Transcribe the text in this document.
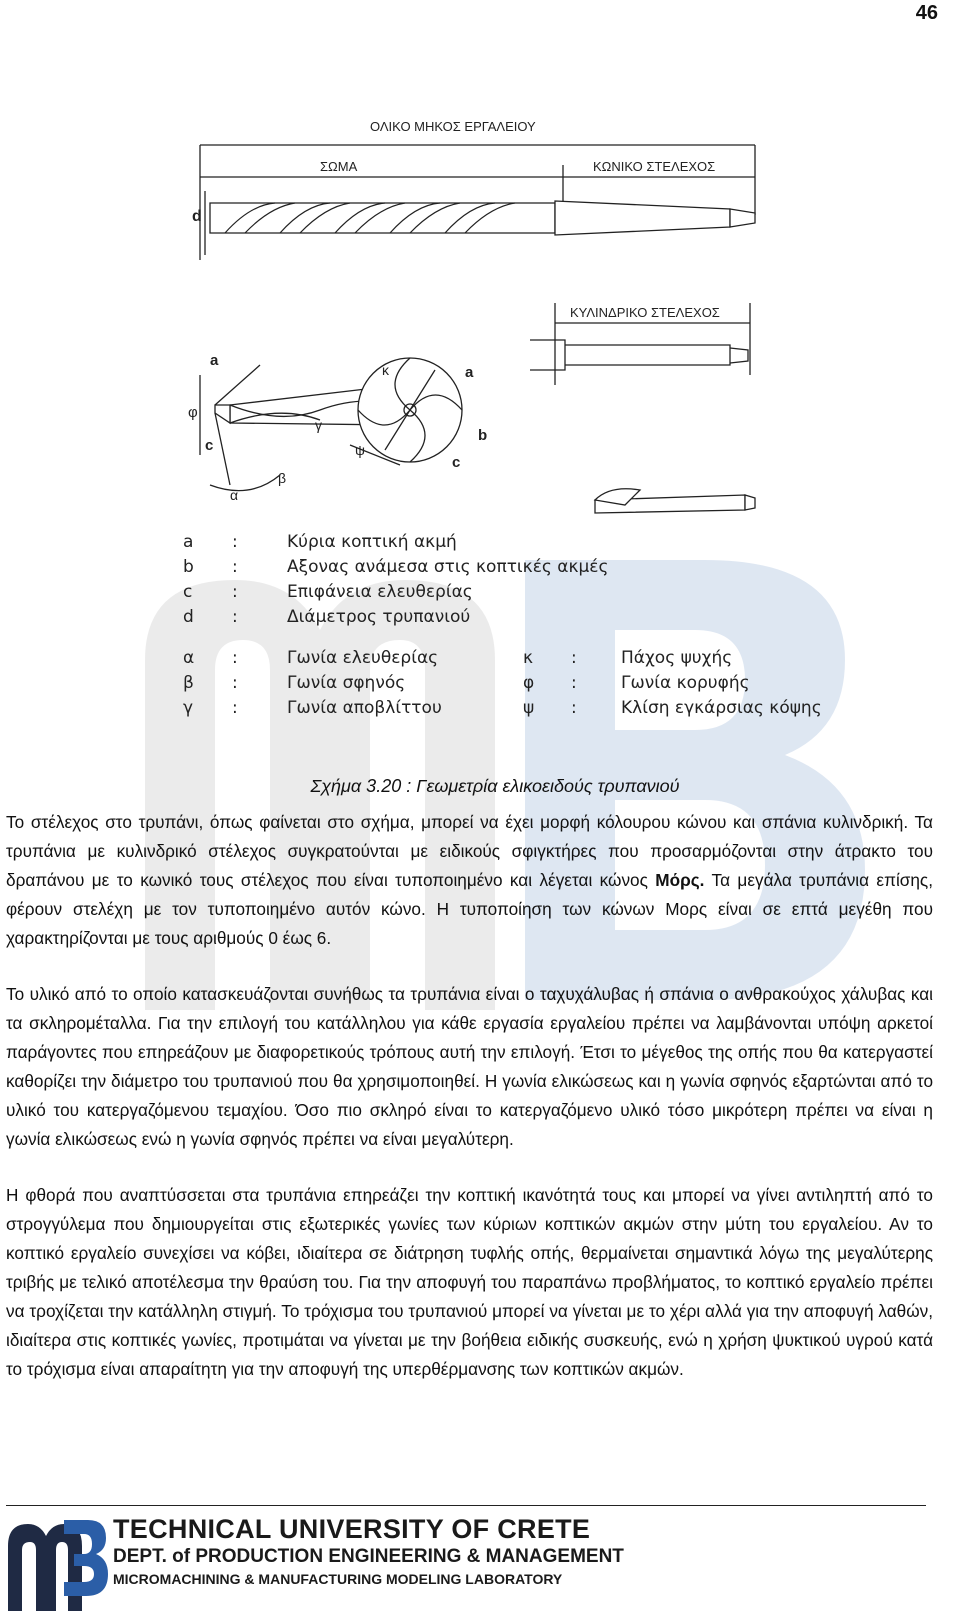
46
ΟΛΙΚΟ ΜΗΚΟΣ ΕΡΓΑΛΕΙΟΥ
ΣΩΜΑ	ΚΩΝΙΚΟ ΣΤΕΛΕΧΟΣ
d
ΚΥΛΙΝΔΡΙΚΟ ΣΤΕΛΕΧΟΣ
a
φ
c
γ
α
β
κ	a
b
c
ψ
a :	Κύρια κοπτική ακμή
b :	Αξονας ανάμεσα στις κοπτικές ακμές
c :	Επιφάνεια ελευθερίας
d :	Διάμετρος τρυπανιού
α :	Γωνία ελευθερίας	κ :	Πάχος ψυχής
β :	Γωνία σφηνός	φ :	Γωνία κορυφής
γ :	Γωνία αποβλίττου	ψ :	Κλίση εγκάρσιας κόψης
Σχήμα 3.20 : Γεωμετρία ελικοειδούς τρυπανιού

Το στέλεχος στο τρυπάνι, όπως φαίνεται στο σχήμα, μπορεί να έχει μορφή κόλουρου κώνου και σπάνια κυλινδρική. Τα τρυπάνια με κυλινδρικό στέλεχος συγκρατούνται με ειδικούς σφιγκτήρες που προσαρμόζονται στην άτρακτο του δραπάνου με το κωνικό τους στέλεχος που είναι τυποποιημένο και λέγεται κώνος Μόρς. Τα μεγάλα τρυπάνια επίσης, φέρουν στελέχη με τον τυποποιημένο αυτόν κώνο. Η τυποποίηση των κώνων Μορς είναι σε επτά μεγέθη που χαρακτηρίζονται με τους αριθμούς 0 έως 6.

Το υλικό από το οποίο κατασκευάζονται συνήθως τα τρυπάνια είναι ο ταχυχάλυβας ή σπάνια ο ανθρακούχος χάλυβας και τα σκληρομέταλλα. Για την επιλογή του κατάλληλου για κάθε εργασία εργαλείου πρέπει να λαμβάνονται υπόψη αρκετοί παράγοντες που επηρεάζουν με διαφορετικούς τρόπους αυτή την επιλογή. Έτσι το μέγεθος της οπής που θα κατεργαστεί καθορίζει την διάμετρο του τρυπανιού που θα χρησιμοποιηθεί. Η γωνία ελικώσεως και η γωνία σφηνός εξαρτώνται από το υλικό του κατεργαζόμενου τεμαχίου. Όσο πιο σκληρό είναι το κατεργαζόμενο υλικό τόσο μικρότερη πρέπει να είναι η γωνία ελικώσεως ενώ η γωνία σφηνός πρέπει να είναι μεγαλύτερη.

Η φθορά που αναπτύσσεται στα τρυπάνια επηρεάζει την κοπτική ικανότητά τους και μπορεί να γίνει αντιληπτή από το στρογγύλεμα που δημιουργείται στις εξωτερικές γωνίες των κύριων κοπτικών ακμών στην μύτη του εργαλείου. Αν το κοπτικό εργαλείο συνεχίσει να κόβει, ιδιαίτερα σε διάτρηση τυφλής οπής, θερμαίνεται σημαντικά λόγω της μεγαλύτερης τριβής με τελικό αποτέλεσμα την θραύση του. Για την αποφυγή του παραπάνω προβλήματος, το κοπτικό εργαλείο πρέπει να τροχίζεται την κατάλληλη στιγμή. Το τρόχισμα του τρυπανιού μπορεί να γίνεται με το χέρι αλλά για την αποφυγή λαθών, ιδιαίτερα στις κοπτικές γωνίες, προτιμάται να γίνεται με την βοήθεια ειδικής συσκευής, ενώ η χρήση ψυκτικού υγρού κατά το τρόχισμα είναι απαραίτητη για την αποφυγή της υπερθέρμανσης των κοπτικών ακμών.

TECHNICAL UNIVERSITY OF CRETE
DEPT. of PRODUCTION ENGINEERING & MANAGEMENT
MICROMACHINING & MANUFACTURING MODELING LABORATORY
